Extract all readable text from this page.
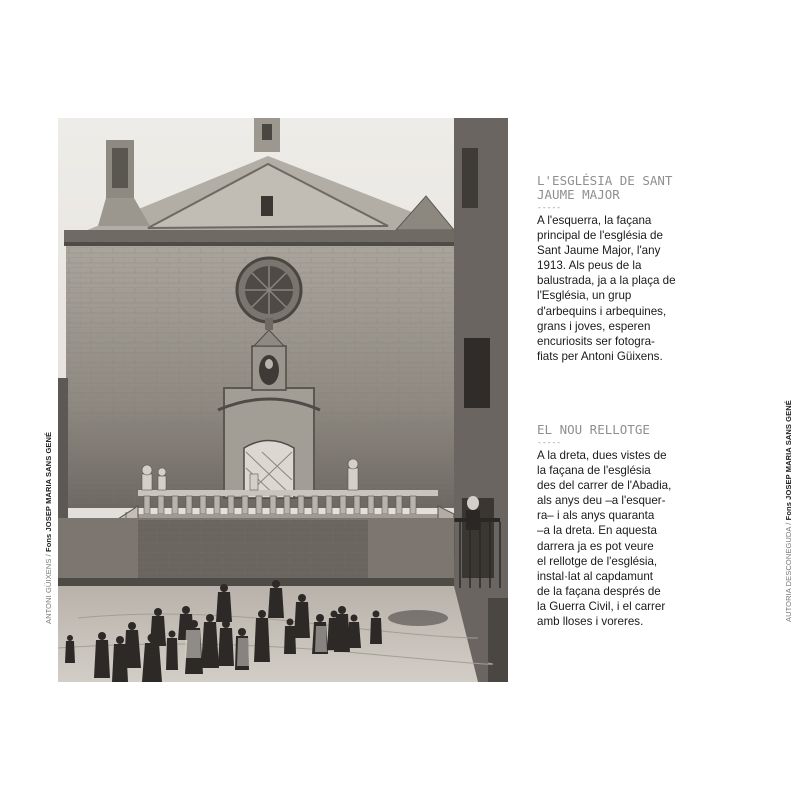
ANTONI GÜIXENS / Fons JOSEP MARIA SANS GENÉ
AUTORIA DESCONEGUDA / Fons JOSEP MARIA SANS GENÉ
L'ESGLÉSIA DE SANT
JAUME MAJOR
-----
A l'esquerra, la façana
principal de l'església de
Sant Jaume Major, l'any
1913. Als peus de la
balustrada, ja a la plaça de
l'Església, un grup
d'arbequins i arbequines,
grans i joves, esperen
encuriosits ser fotogra-
fiats per Antoni Güixens.
EL NOU RELLOTGE
-----
A la dreta, dues vistes de
la façana de l'església
des del carrer de l'Abadia,
als anys deu –a l'esquer-
ra– i als anys quaranta
–a la dreta. En aquesta
darrera ja es pot veure
el rellotge de l'església,
instal·lat al capdamunt
de la façana després de
la Guerra Civil, i el carrer
amb lloses i voreres.
